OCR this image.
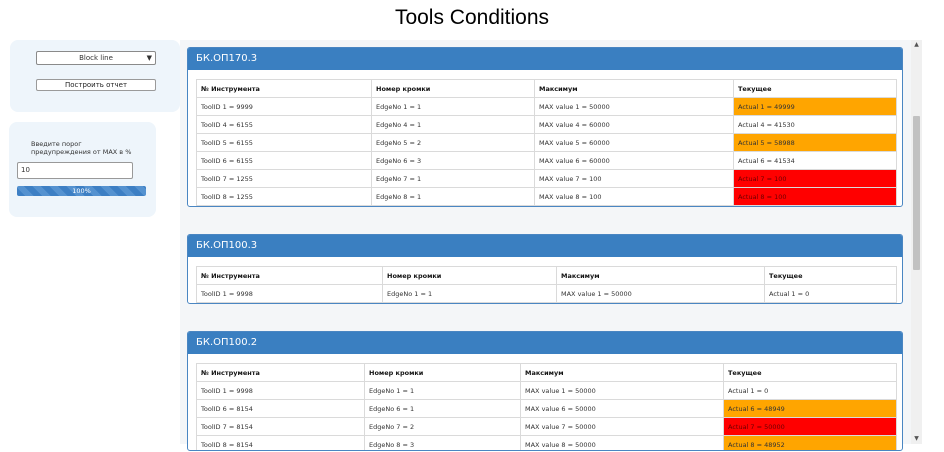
Tools Conditions
Block line	▼
Построить отчет
Введите порог предупреждения от MAX в %
10
100%
БК.ОП170.3
№ Инструмента	Номер кромки	Максимум	Текущее
ToolID 1 = 9999	EdgeNo 1 = 1	MAX value 1 = 50000	Actual 1 = 49999
ToolID 4 = 6155	EdgeNo 4 = 1	MAX value 4 = 60000	Actual 4 = 41530
ToolID 5 = 6155	EdgeNo 5 = 2	MAX value 5 = 60000	Actual 5 = 58988
ToolID 6 = 6155	EdgeNo 6 = 3	MAX value 6 = 60000	Actual 6 = 41534
ToolID 7 = 1255	EdgeNo 7 = 1	MAX value 7 = 100	Actual 7 = 100
ToolID 8 = 1255	EdgeNo 8 = 1	MAX value 8 = 100	Actual 8 = 100
БК.ОП100.3
№ Инструмента	Номер кромки	Максимум	Текущее
ToolID 1 = 9998	EdgeNo 1 = 1	MAX value 1 = 50000	Actual 1 = 0
БК.ОП100.2
№ Инструмента	Номер кромки	Максимум	Текущее
ToolID 1 = 9998	EdgeNo 1 = 1	MAX value 1 = 50000	Actual 1 = 0
ToolID 6 = 8154	EdgeNo 6 = 1	MAX value 6 = 50000	Actual 6 = 48949
ToolID 7 = 8154	EdgeNo 7 = 2	MAX value 7 = 50000	Actual 7 = 50000
ToolID 8 = 8154	EdgeNo 8 = 3	MAX value 8 = 50000	Actual 8 = 48952
▲
▼
